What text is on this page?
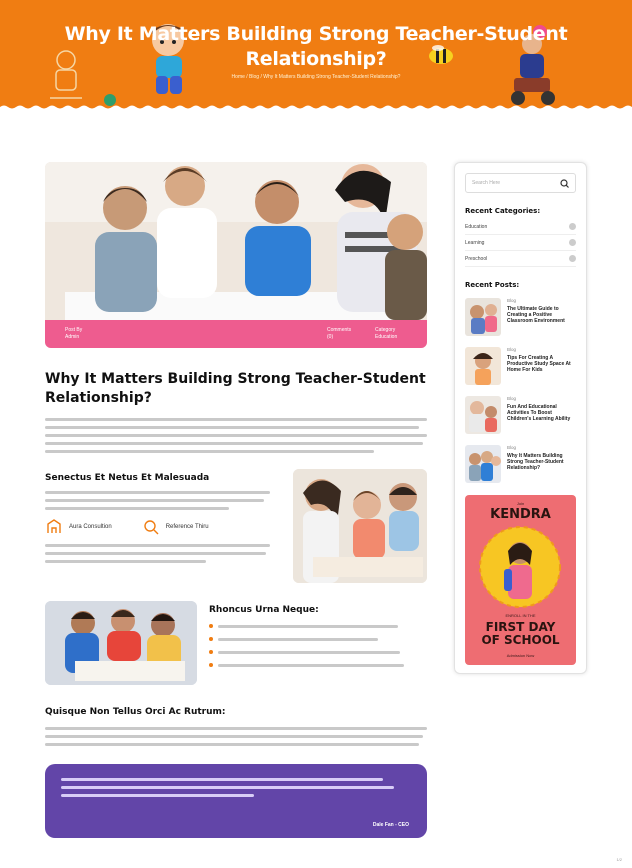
Why It Matters Building Strong Teacher-Student Relationship?
Home / Blog / Why It Matters Building Strong Teacher-Student Relationship?
Post By
Admin
Comments
(0)
Category
Education
Why It Matters Building Strong Teacher-Student Relationship?
Senectus Et Netus Et Malesuada
Aura Consultion	Reference Thiru
Rhoncus Urna Neque:
Quisque Non Tellus Orci Ac Rutrum:
Dale Fan - CEO
Search Here
Recent Categories:
Education
Learning
Preschool
Recent Posts:
Blog
The Ultimate Guide to Creating a Positive Classroom Environment
Blog
Tips For Creating A Productive Study Space At Home For Kids
Blog
Fun And Educational Activities To Boost Children's Learning Ability
Blog
Why It Matters Building Strong Teacher-Student Relationship?
Join
KENDRA
ENROLL IN THE
FIRST DAY
OF SCHOOL
Admission Now
1/2
